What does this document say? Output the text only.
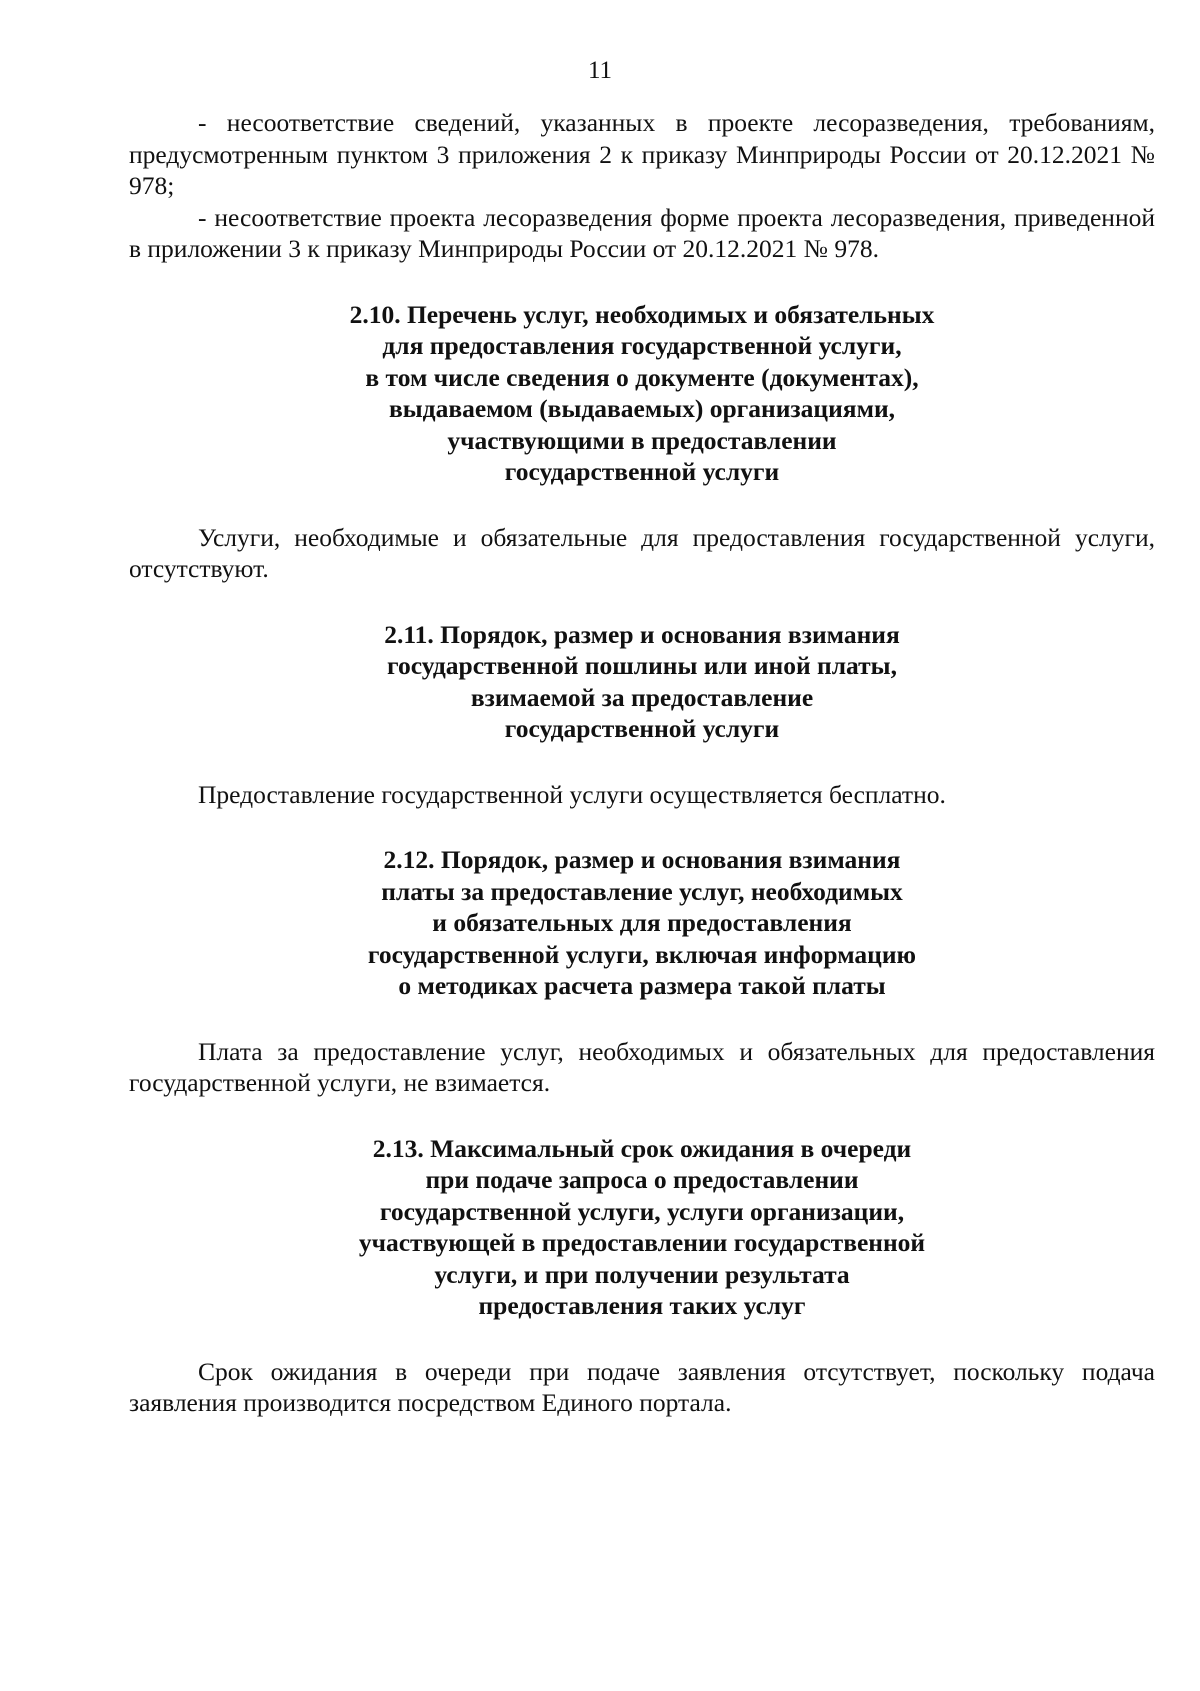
11

- несоответствие сведений, указанных в проекте лесоразведения, требованиям, предусмотренным пунктом 3 приложения 2 к приказу Минприроды России от 20.12.2021 № 978;

- несоответствие проекта лесоразведения форме проекта лесоразведения, приведенной в приложении 3 к приказу Минприроды России от 20.12.2021 № 978.

2.10. Перечень услуг, необходимых и обязательных
для предоставления государственной услуги,
в том числе сведения о документе (документах),
выдаваемом (выдаваемых) организациями,
участвующими в предоставлении
государственной услуги

Услуги, необходимые и обязательные для предоставления государственной услуги, отсутствуют.

2.11. Порядок, размер и основания взимания
государственной пошлины или иной платы,
взимаемой за предоставление
государственной услуги

Предоставление государственной услуги осуществляется бесплатно.

2.12. Порядок, размер и основания взимания
платы за предоставление услуг, необходимых
и обязательных для предоставления
государственной услуги, включая информацию
о методиках расчета размера такой платы

Плата за предоставление услуг, необходимых и обязательных для предоставления государственной услуги, не взимается.

2.13. Максимальный срок ожидания в очереди
при подаче запроса о предоставлении
государственной услуги, услуги организации,
участвующей в предоставлении государственной
услуги, и при получении результата
предоставления таких услуг

Срок ожидания в очереди при подаче заявления отсутствует, поскольку подача заявления производится посредством Единого портала.
